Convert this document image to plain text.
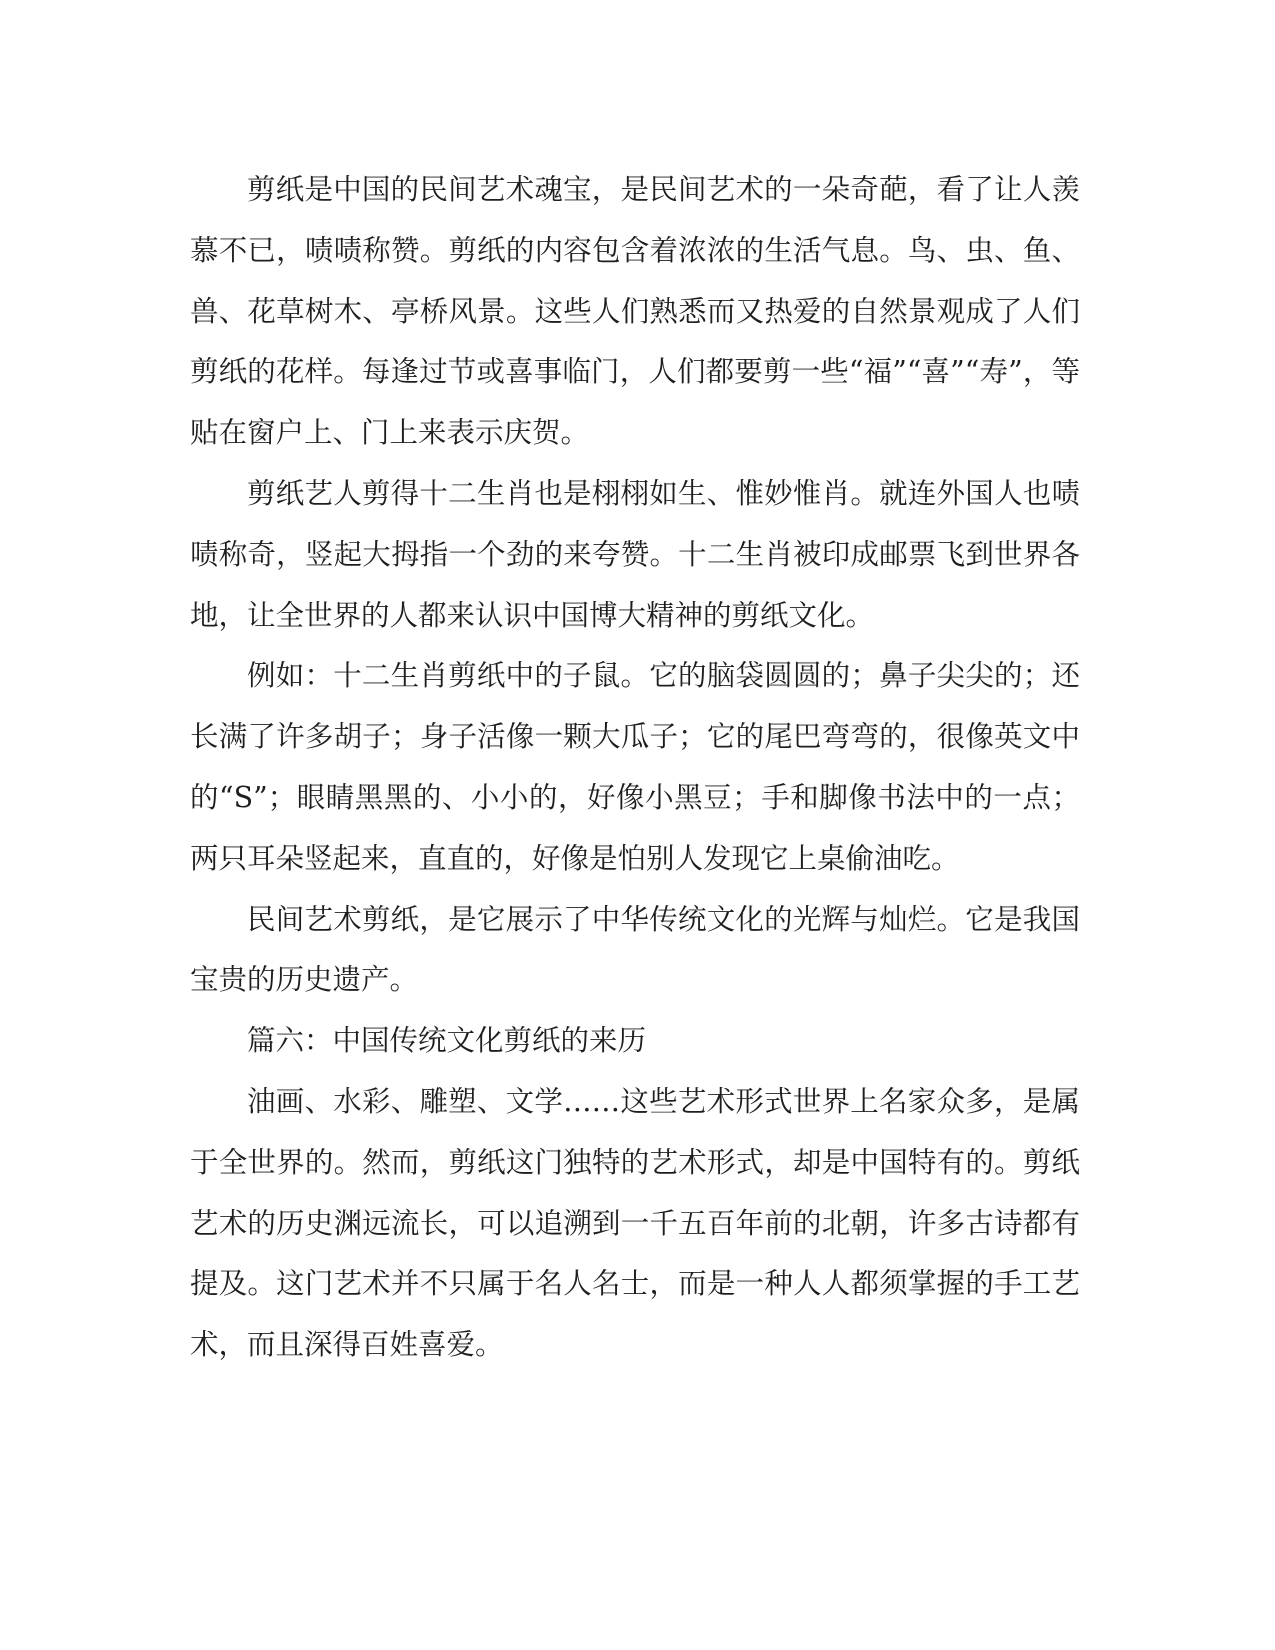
剪纸是中国的民间艺术魂宝，是民间艺术的一朵奇葩，看了让人羡慕不已，啧啧称赞。剪纸的内容包含着浓浓的生活气息。鸟、虫、鱼、兽、花草树木、亭桥风景。这些人们熟悉而又热爱的自然景观成了人们剪纸的花样。每逢过节或喜事临门，人们都要剪一些“福”“喜”“寿”，等贴在窗户上、门上来表示庆贺。

剪纸艺人剪得十二生肖也是栩栩如生、惟妙惟肖。就连外国人也啧啧称奇，竖起大拇指一个劲的来夸赞。十二生肖被印成邮票飞到世界各地，让全世界的人都来认识中国博大精神的剪纸文化。

例如：十二生肖剪纸中的子鼠。它的脑袋圆圆的；鼻子尖尖的；还长满了许多胡子；身子活像一颗大瓜子；它的尾巴弯弯的，很像英文中的“S”；眼睛黑黑的、小小的，好像小黑豆；手和脚像书法中的一点；两只耳朵竖起来，直直的，好像是怕别人发现它上桌偷油吃。

民间艺术剪纸，是它展示了中华传统文化的光辉与灿烂。它是我国宝贵的历史遗产。

篇六：中国传统文化剪纸的来历

油画、水彩、雕塑、文学……这些艺术形式世界上名家众多，是属于全世界的。然而，剪纸这门独特的艺术形式，却是中国特有的。剪纸艺术的历史渊远流长，可以追溯到一千五百年前的北朝，许多古诗都有提及。这门艺术并不只属于名人名士，而是一种人人都须掌握的手工艺术，而且深得百姓喜爱。
